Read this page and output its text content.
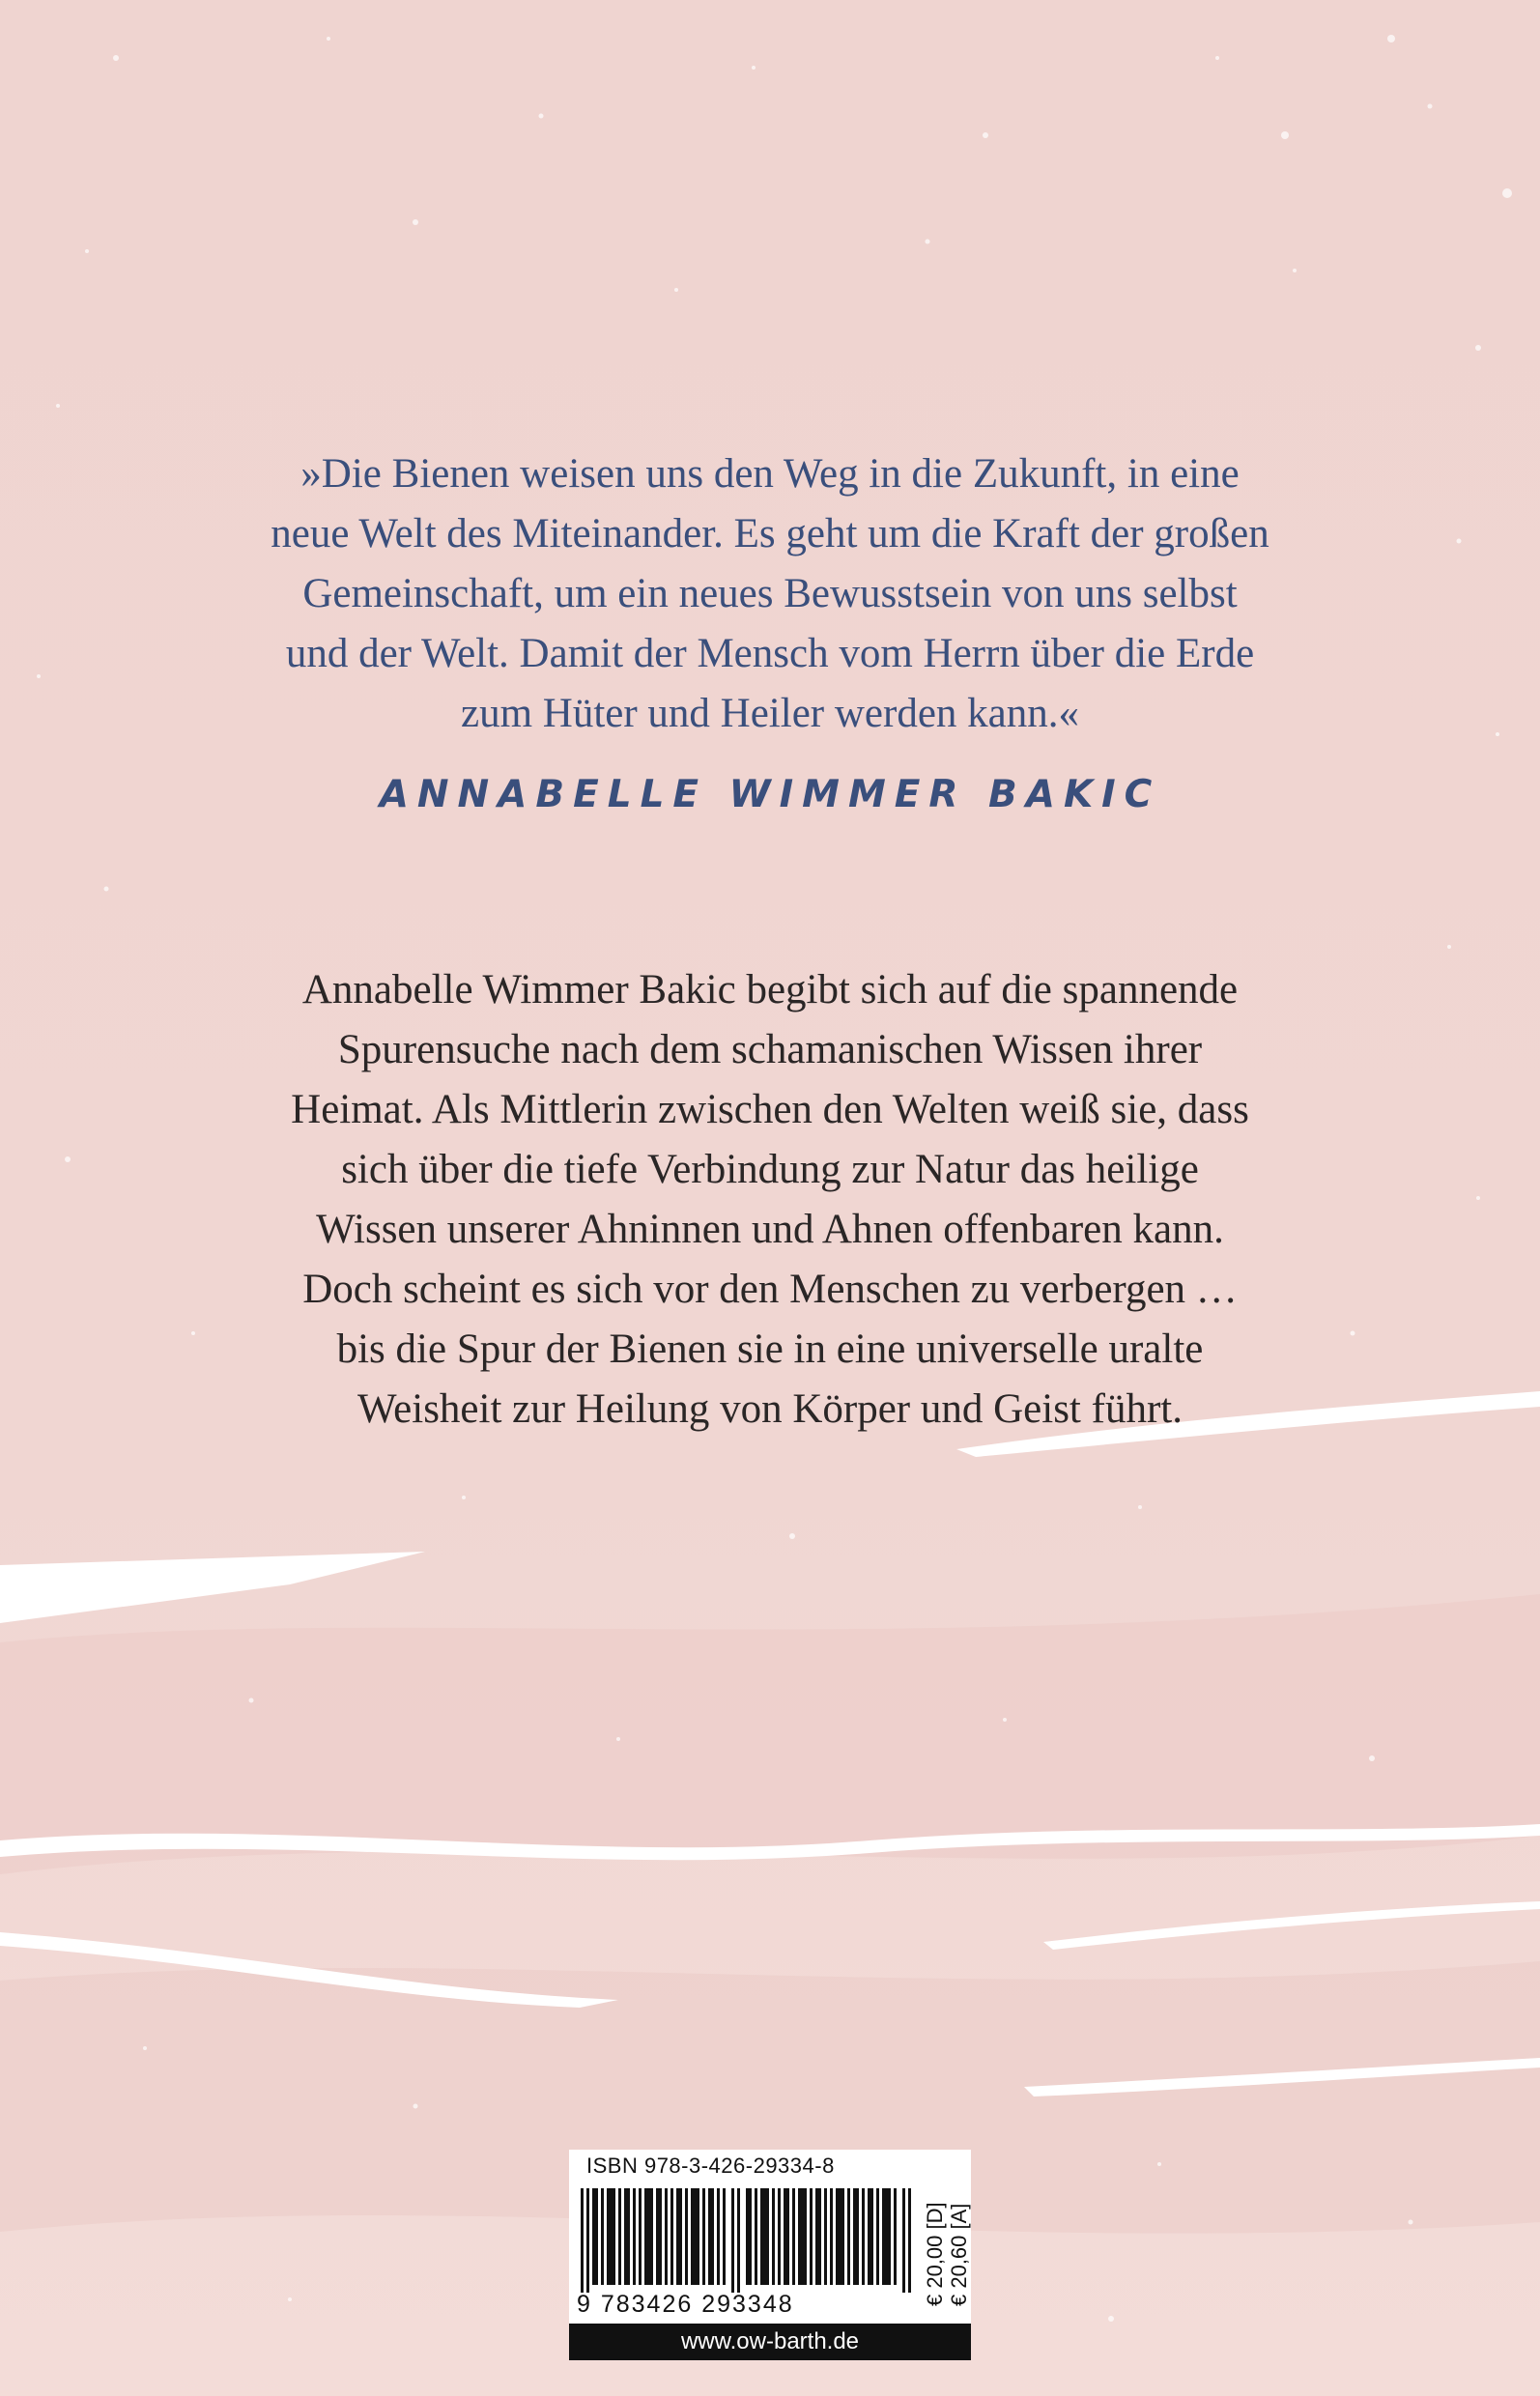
»Die Bienen weisen uns den Weg in die Zukunft, in eine
neue Welt des Miteinander. Es geht um die Kraft der großen
Gemeinschaft, um ein neues Bewusstsein von uns selbst
und der Welt. Damit der Mensch vom Herrn über die Erde
zum Hüter und Heiler werden kann.«
ANNABELLE WIMMER BAKIC
Annabelle Wimmer Bakic begibt sich auf die spannende
Spurensuche nach dem schamanischen Wissen ihrer
Heimat. Als Mittlerin zwischen den Welten weiß sie, dass
sich über die tiefe Verbindung zur Natur das heilige
Wissen unserer Ahninnen und Ahnen offenbaren kann.
Doch scheint es sich vor den Menschen zu verbergen …
bis die Spur der Bienen sie in eine universelle uralte
Weisheit zur Heilung von Körper und Geist führt.
ISBN 978-3-426-29334-8
9 783426 293348	€ 20,00 [D] € 20,60 [A]
www.ow-barth.de
